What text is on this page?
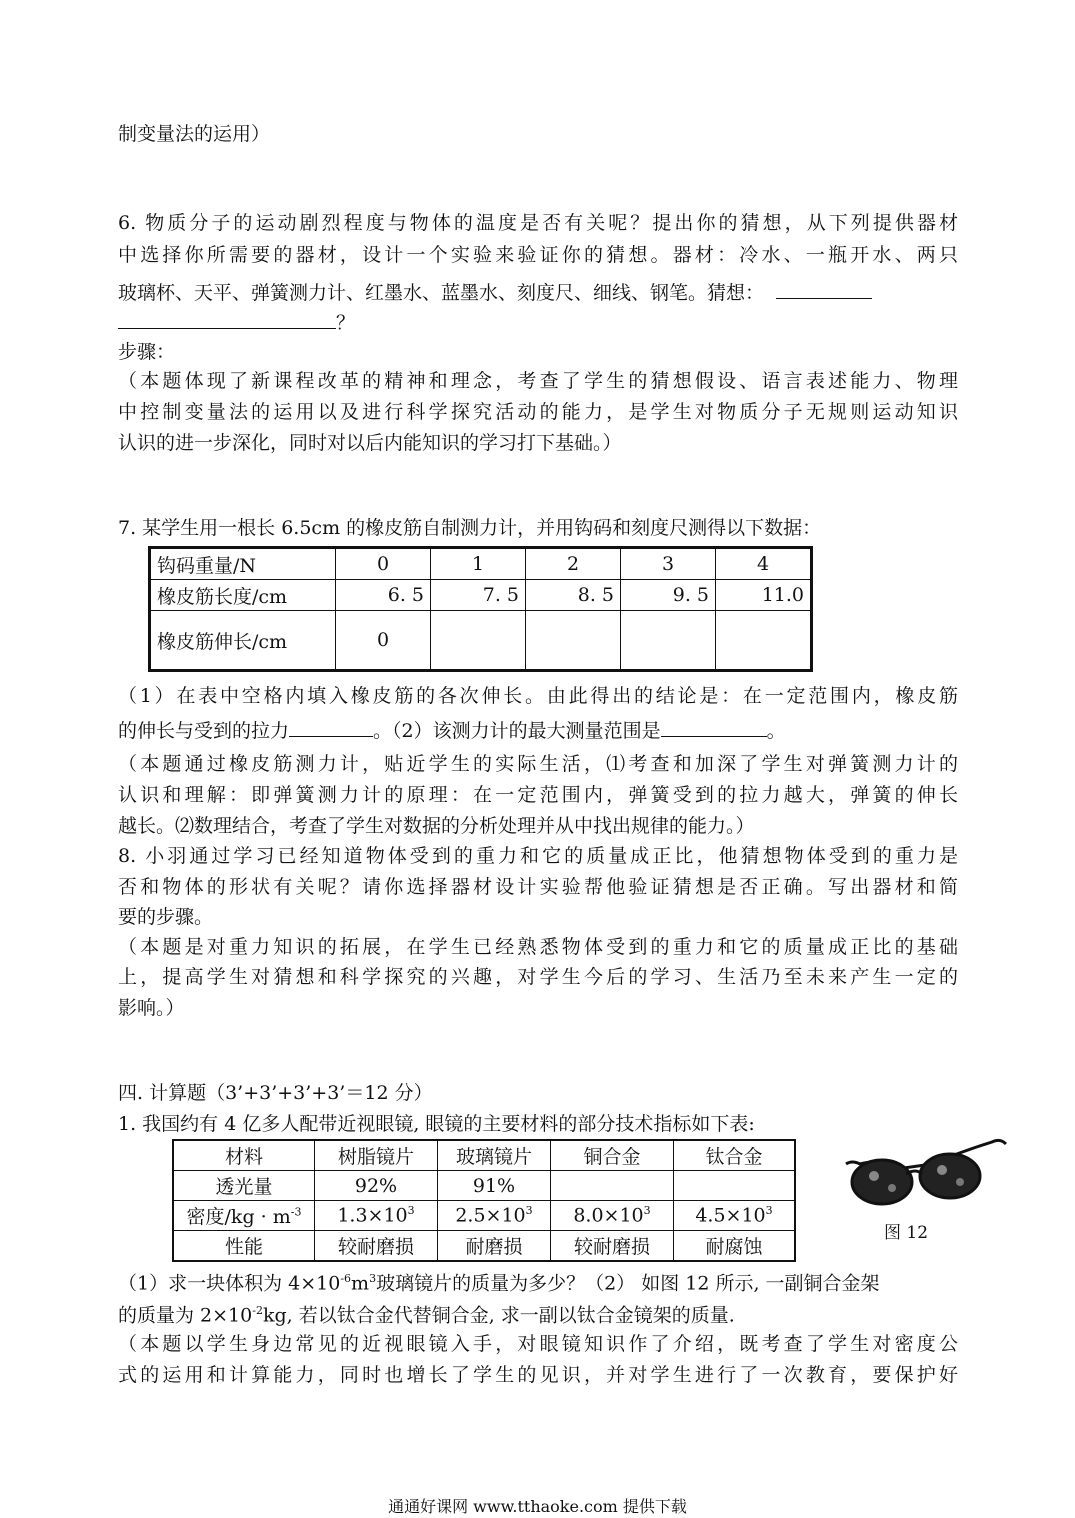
制变量法的运用）
6. 物质分子的运动剧烈程度与物体的温度是否有关呢？提出你的猜想，从下列提供器材
中选择你所需要的器材，设计一个实验来验证你的猜想。器材：冷水、一瓶开水、两只
玻璃杯、天平、弹簧测力计、红墨水、蓝墨水、刻度尺、细线、钢笔。猜想：
？
步骤：
（本题体现了新课程改革的精神和理念，考查了学生的猜想假设、语言表述能力、物理
中控制变量法的运用以及进行科学探究活动的能力，是学生对物质分子无规则运动知识
认识的进一步深化，同时对以后内能知识的学习打下基础。）
7. 某学生用一根长 6.5cm 的橡皮筋自制测力计，并用钩码和刻度尺测得以下数据：
钩码重量/N	0	1	2	3	4
橡皮筋长度/cm	6. 5	7. 5	8. 5	9. 5	11.0
橡皮筋伸长/cm	0				
（1）在表中空格内填入橡皮筋的各次伸长。由此得出的结论是：在一定范围内，橡皮筋
的伸长与受到的拉力	。（2）该测力计的最大测量范围是	。
（本题通过橡皮筋测力计，贴近学生的实际生活，⑴考查和加深了学生对弹簧测力计的
认识和理解：即弹簧测力计的原理：在一定范围内，弹簧受到的拉力越大，弹簧的伸长
越长。⑵数理结合，考查了学生对数据的分析处理并从中找出规律的能力。）
8. 小羽通过学习已经知道物体受到的重力和它的质量成正比，他猜想物体受到的重力是
否和物体的形状有关呢？请你选择器材设计实验帮他验证猜想是否正确。写出器材和简
要的步骤。
（本题是对重力知识的拓展，在学生已经熟悉物体受到的重力和它的质量成正比的基础
上，提高学生对猜想和科学探究的兴趣，对学生今后的学习、生活乃至未来产生一定的
影响。）
四. 计算题（3’+3’+3’+3’＝12 分）
1. 我国约有 4 亿多人配带近视眼镜, 眼镜的主要材料的部分技术指标如下表:
材料	树脂镜片	玻璃镜片	铜合金	钛合金
透光量	92%	91%		
密度$/kg \cdot m^{-3}$	$1.3\times 10^3$	$2.5\times 10^3$	$8.0\times 10^3$	$4.5\times 10^3$
性能	较耐磨损	耐磨损	较耐磨损	耐腐蚀
图 12
（1）求一块体积为 $4\times 10^{-6}m^3$玻璃镜片的质量为多少？（2） 如图 12 所示, 一副铜合金架
的质量为 $2\times 10^{-2}kg$, 若以钛合金代替铜合金, 求一副以钛合金镜架的质量.
（本题以学生身边常见的近视眼镜入手，对眼镜知识作了介绍，既考查了学生对密度公
式的运用和计算能力，同时也增长了学生的见识，并对学生进行了一次教育，要保护好
通通好课网 www.tthaoke.com 提供下载
